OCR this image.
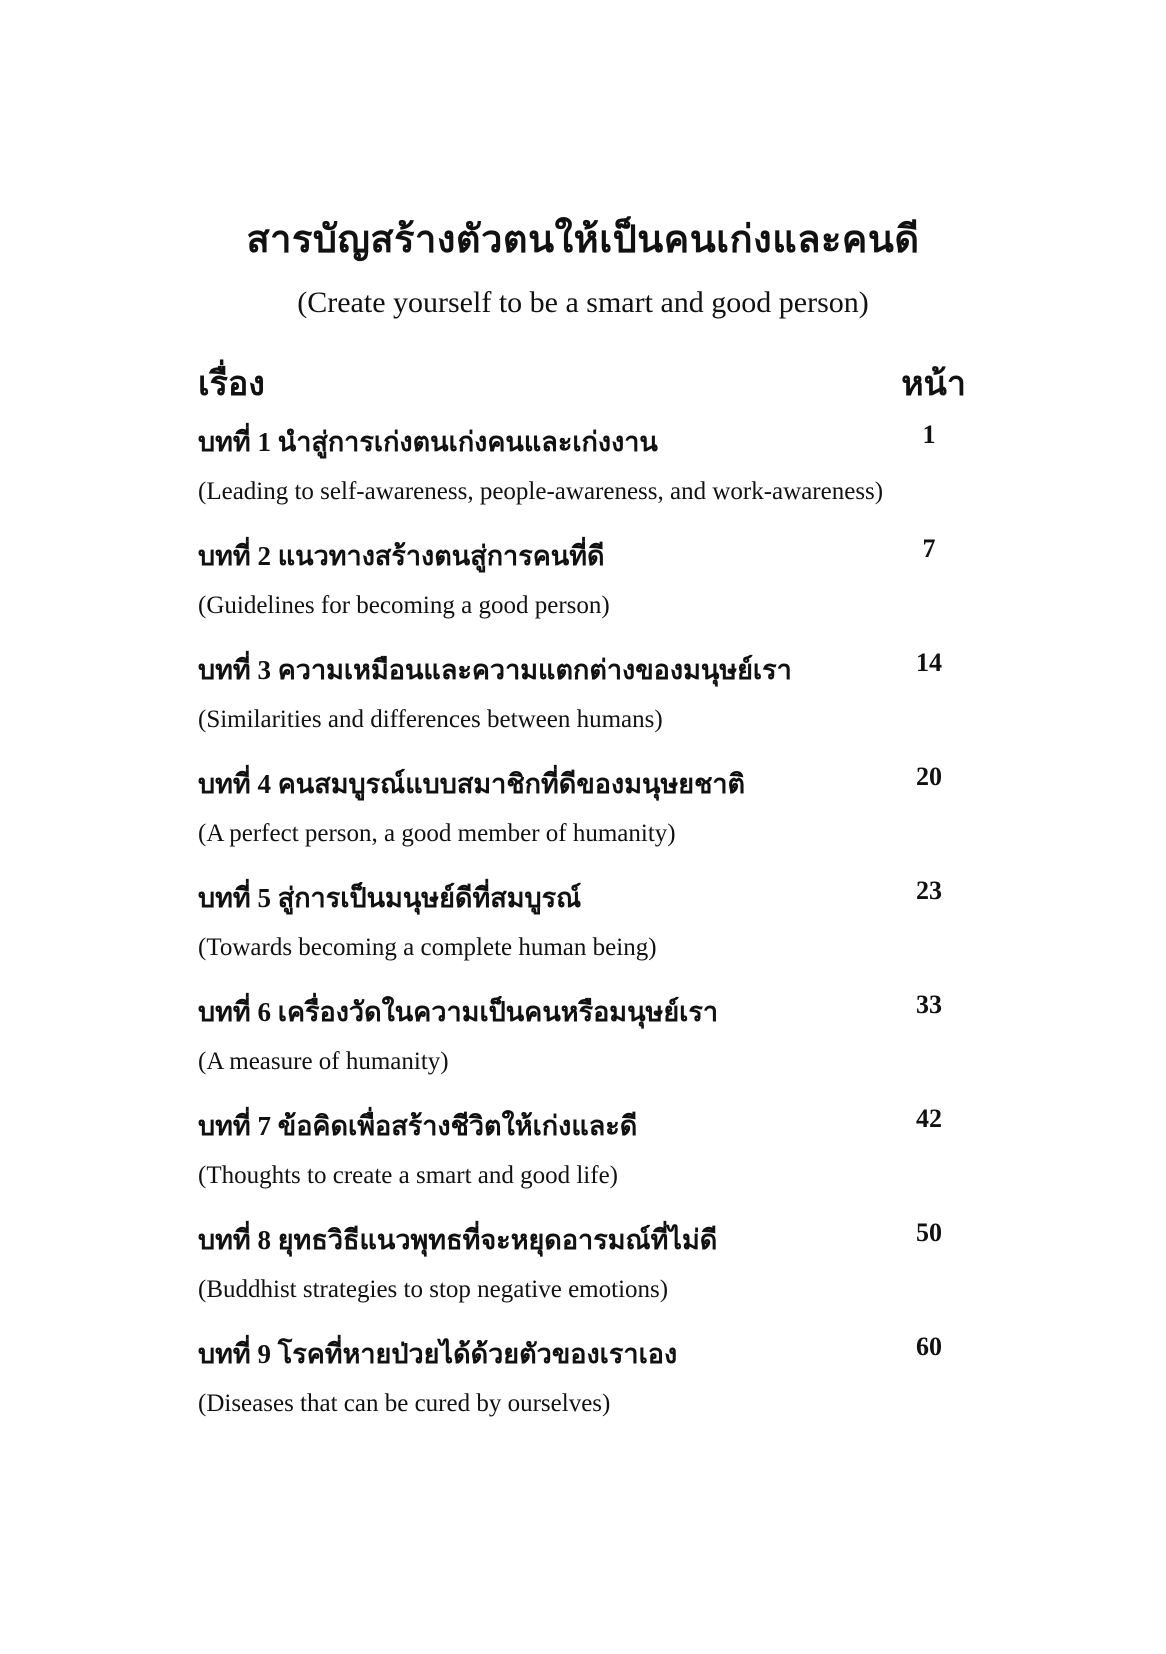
สารบัญสร้างตัวตนให้เป็นคนเก่งและคนดี
(Create yourself to be a smart and good person)
เรื่อง	หน้า
บทที่ 1 นำสู่การเก่งตนเก่งคนและเก่งงาน	1
(Leading to self-awareness, people-awareness, and work-awareness)
บทที่ 2 แนวทางสร้างตนสู่การคนที่ดี	7
(Guidelines for becoming a good person)
บทที่ 3 ความเหมือนและความแตกต่างของมนุษย์เรา	14
(Similarities and differences between humans)
บทที่ 4 คนสมบูรณ์แบบสมาชิกที่ดีของมนุษยชาติ	20
(A perfect person, a good member of humanity)
บทที่ 5 สู่การเป็นมนุษย์ดีที่สมบูรณ์	23
(Towards becoming a complete human being)
บทที่ 6 เครื่องวัดในความเป็นคนหรือมนุษย์เรา	33
(A measure of humanity)
บทที่ 7 ข้อคิดเพื่อสร้างชีวิตให้เก่งและดี	42
(Thoughts to create a smart and good life)
บทที่ 8 ยุทธวิธีแนวพุทธที่จะหยุดอารมณ์ที่ไม่ดี	50
(Buddhist strategies to stop negative emotions)
บทที่ 9 โรคที่หายป่วยได้ด้วยตัวของเราเอง	60
(Diseases that can be cured by ourselves)
